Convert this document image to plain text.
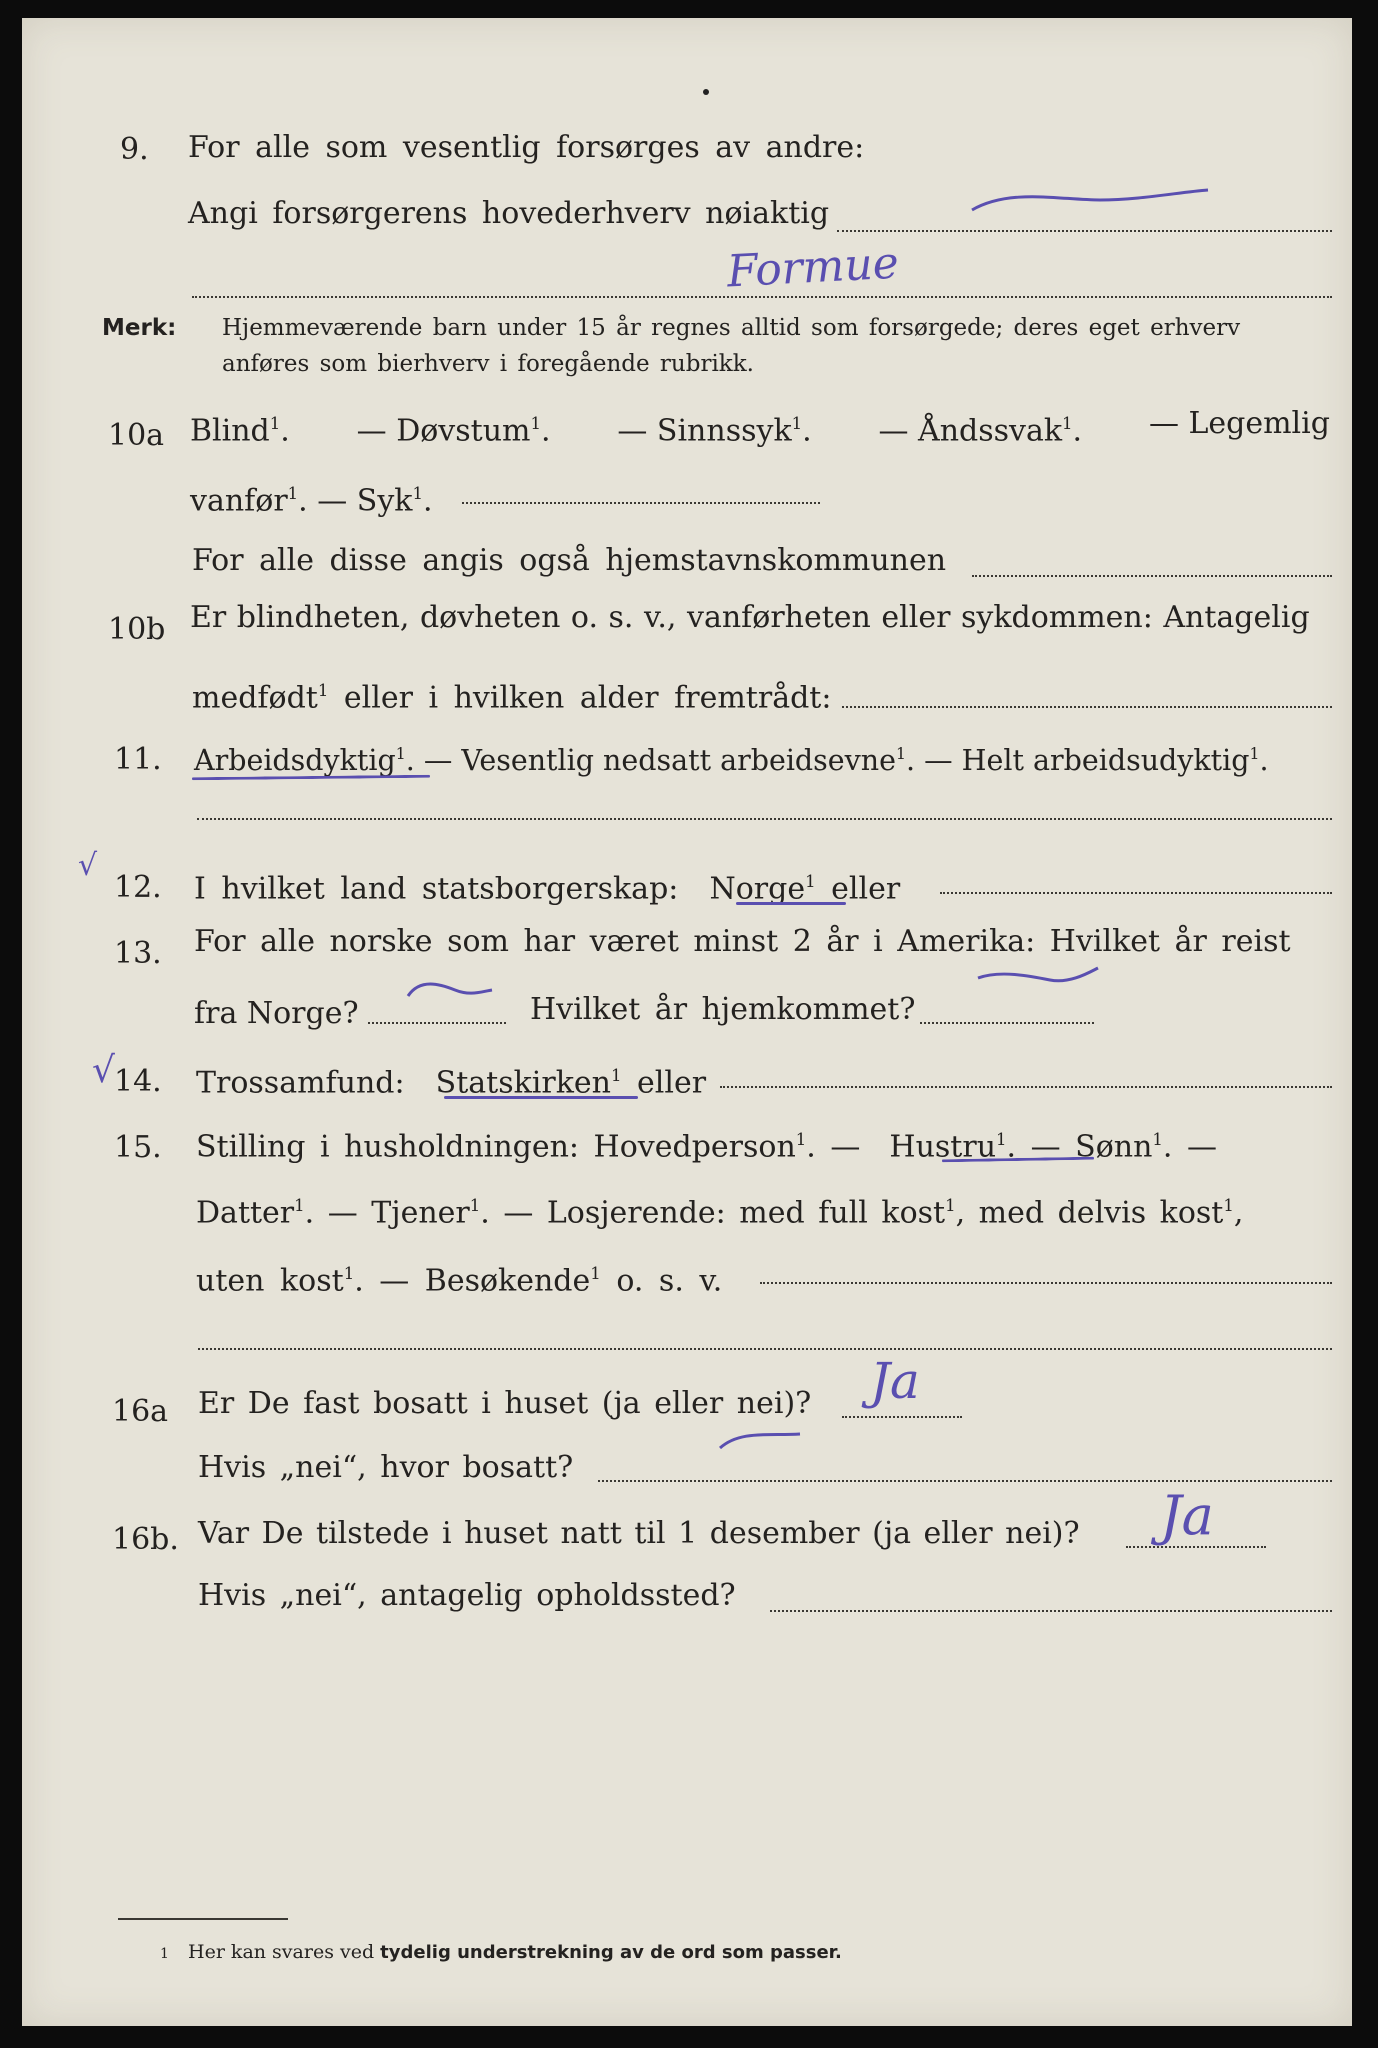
9. For alle som vesentlig forsørges av andre:
Angi forsørgerens hovederhverv nøiaktig
Formue
Merk: Hjemmeværende barn under 15 år regnes alltid som forsørgede; deres eget erhverv
anføres som bierhverv i foregående rubrikk.
10a Blind$^1$. — Døvstum$^1$. — Sinnssyk$^1$. — Åndssvak$^1$. — Legemlig
vanfør$^1$. — Syk$^1$.
For alle disse angis også hjemstavnskommunen
10b Er blindheten, døvheten o. s. v., vanførheten eller sykdommen: Antagelig
medfødt$^1$ eller i hvilken alder fremtrådt:
11. Arbeidsdyktig$^1$. — Vesentlig nedsatt arbeidsevne$^1$. — Helt arbeidsudyktig$^1$.
√
12. I hvilket land statsborgerskap: Norge$^1$ eller
13. For alle norske som har været minst 2 år i Amerika: Hvilket år reist
fra Norge?	Hvilket år hjemkommet?
√ 14. Trossamfund: Statskirken$^1$ eller
15. Stilling i husholdningen: Hovedperson$^1$. — Hustru$^1$. — Sønn$^1$. —
Datter$^1$. — Tjener$^1$. — Losjerende: med full kost$^1$, med delvis kost$^1$,
uten kost$^1$. — Besøkende$^1$ o. s. v.
16a Er De fast bosatt i huset (ja eller nei)? Ja
Hvis „nei“, hvor bosatt?
16b. Var De tilstede i huset natt til 1 desember (ja eller nei)? Ja
Hvis „nei“, antagelig opholdssted?
1 Her kan svares ved tydelig understrekning av de ord som passer.
